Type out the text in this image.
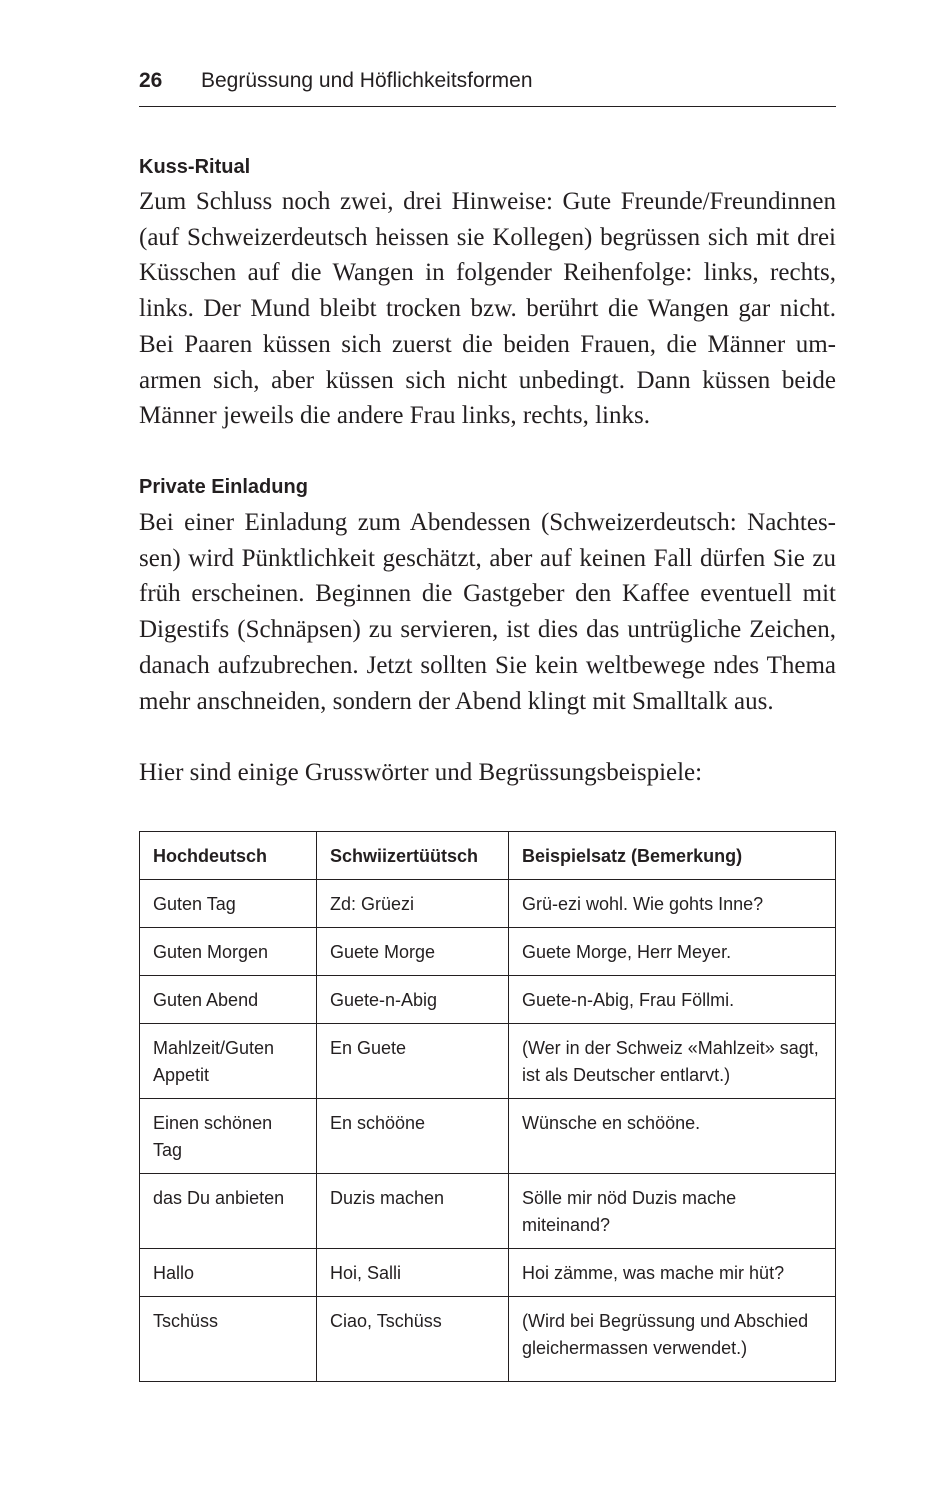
26 Begrüssung und Höflichkeitsformen
Kuss-Ritual
Zum Schluss noch zwei, drei Hinweise: Gute Freunde/Freundinnen (auf Schweizerdeutsch heissen sie Kollegen) begrüssen sich mit drei Küsschen auf die Wangen in folgender Reihenfolge: links, rechts, links. Der Mund bleibt trocken bzw. berührt die Wangen gar nicht. Bei Paaren küssen sich zuerst die beiden Frauen, die Männer umarmen sich, aber küssen sich nicht unbedingt. Dann küssen beide Männer jeweils die andere Frau links, rechts, links.
Private Einladung
Bei einer Einladung zum Abendessen (Schweizerdeutsch: Nachtessen) wird Pünktlichkeit geschätzt, aber auf keinen Fall dürfen Sie zu früh erscheinen. Beginnen die Gastgeber den Kaffee eventuell mit Digestifs (Schnäpsen) zu servieren, ist dies das untrügliche Zeichen, danach aufzubrechen. Jetzt sollten Sie kein weltbewege ndes Thema mehr anschneiden, sondern der Abend klingt mit Smalltalk aus.
Hier sind einige Grusswörter und Begrüssungsbeispiele:
Hochdeutsch	Schwiizertüütsch	Beispielsatz (Bemerkung)
Guten Tag	Zd: Grüezi	Grü-ezi wohl. Wie gohts Inne?
Guten Morgen	Guete Morge	Guete Morge, Herr Meyer.
Guten Abend	Guete-n-Abig	Guete-n-Abig, Frau Föllmi.
Mahlzeit/Guten Appetit	En Guete	(Wer in der Schweiz «Mahlzeit» sagt, ist als Deutscher entlarvt.)
Einen schönen Tag	En schööne	Wünsche en schööne.
das Du anbieten	Duzis machen	Sölle mir nöd Duzis mache miteinand?
Hallo	Hoi, Salli	Hoi zämme, was mache mir hüt?
Tschüss	Ciao, Tschüss	(Wird bei Begrüssung und Abschied gleichermassen verwendet.)
